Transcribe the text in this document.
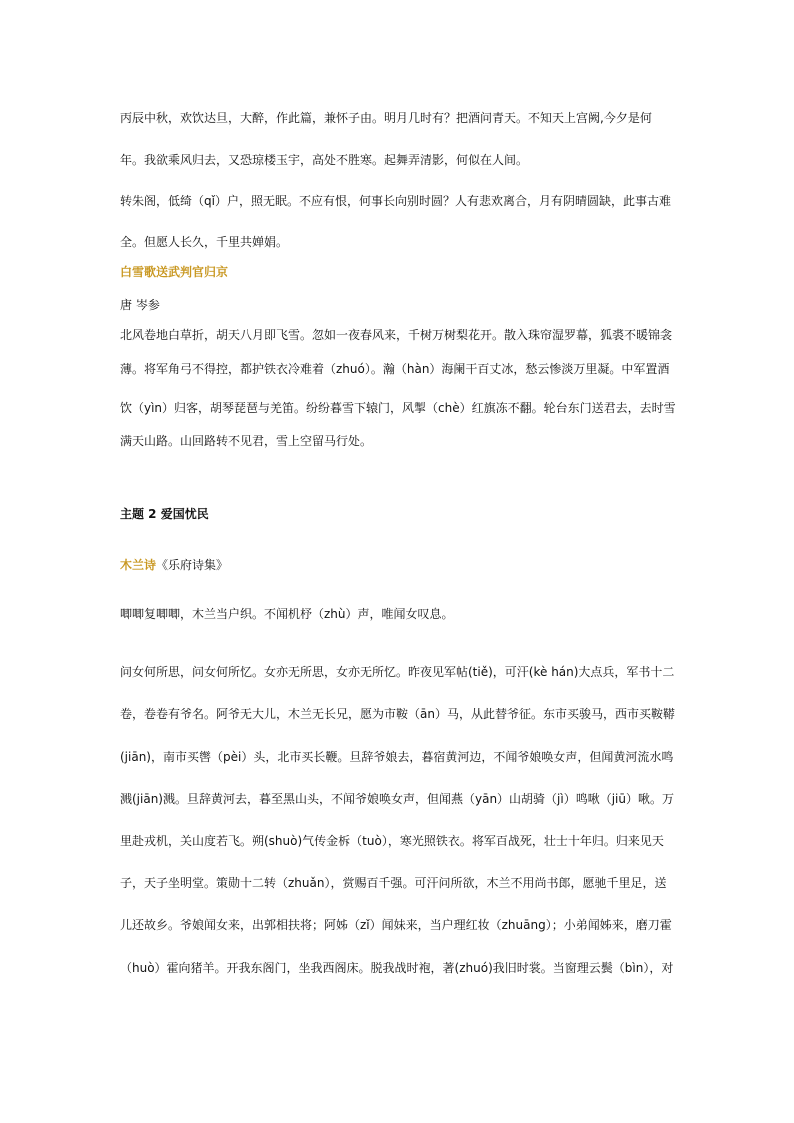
丙辰中秋，欢饮达旦，大醉，作此篇，兼怀子由。明月几时有？把酒问青天。不知天上宫阙,今夕是何
年。我欲乘风归去，又恐琼楼玉宇，高处不胜寒。起舞弄清影，何似在人间。
转朱阁，低绮（qǐ）户，照无眠。不应有恨，何事长向别时圆？人有悲欢离合，月有阴晴圆缺，此事古难
全。但愿人长久，千里共婵娟。
白雪歌送武判官归京
唐 岑参
北风卷地白草折，胡天八月即飞雪。忽如一夜春风来，千树万树梨花开。散入珠帘湿罗幕，狐裘不暖锦衾
薄。将军角弓不得控，都护铁衣冷难着（zhuó）。瀚（hàn）海阑干百丈冰，愁云惨淡万里凝。中军置酒
饮（yìn）归客，胡琴琵琶与羌笛。纷纷暮雪下辕门，风掣（chè）红旗冻不翻。轮台东门送君去，去时雪
满天山路。山回路转不见君，雪上空留马行处。
主题 2 爱国忧民
木兰诗《乐府诗集》
唧唧复唧唧，木兰当户织。不闻机杼（zhù）声，唯闻女叹息。
问女何所思，问女何所忆。女亦无所思，女亦无所忆。昨夜见军帖(tiě)，可汗(kè hán)大点兵，军书十二
卷，卷卷有爷名。阿爷无大儿，木兰无长兄，愿为市鞍（ān）马，从此替爷征。东市买骏马，西市买鞍鞯
(jiān)，南市买辔（pèi）头，北市买长鞭。旦辞爷娘去，暮宿黄河边，不闻爷娘唤女声，但闻黄河流水鸣
溅(jiān)溅。旦辞黄河去，暮至黑山头，不闻爷娘唤女声，但闻燕（yān）山胡骑（jì）鸣啾（jiū）啾。万
里赴戎机，关山度若飞。朔(shuò)气传金柝（tuò），寒光照铁衣。将军百战死，壮士十年归。归来见天
子，天子坐明堂。策勋十二转（zhuǎn），赏赐百千强。可汗问所欲，木兰不用尚书郎，愿驰千里足，送
儿还故乡。爷娘闻女来，出郭相扶将；阿姊（zǐ）闻妹来，当户理红妆（zhuāng）；小弟闻姊来，磨刀霍
（huò）霍向猪羊。开我东阁门，坐我西阁床。脱我战时袍，著(zhuó)我旧时裳。当窗理云鬓（bìn），对
